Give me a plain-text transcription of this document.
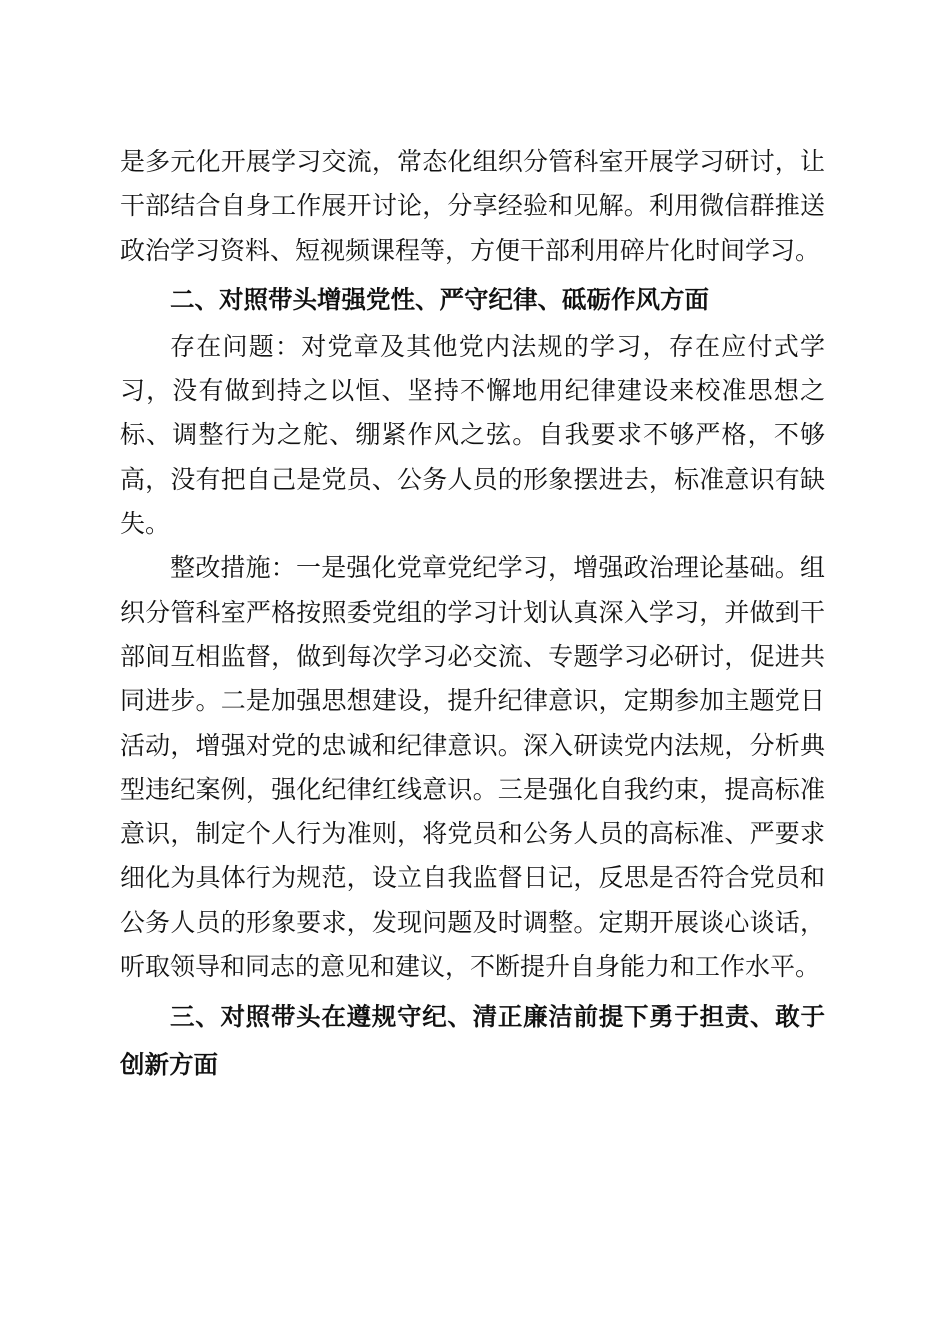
是多元化开展学习交流，常态化组织分管科室开展学习研讨，让干部结合自身工作展开讨论，分享经验和见解。利用微信群推送政治学习资料、短视频课程等，方便干部利用碎片化时间学习。

二、对照带头增强党性、严守纪律、砥砺作风方面

存在问题：对党章及其他党内法规的学习，存在应付式学习，没有做到持之以恒、坚持不懈地用纪律建设来校准思想之标、调整行为之舵、绷紧作风之弦。自我要求不够严格，不够高，没有把自己是党员、公务人员的形象摆进去，标准意识有缺失。

整改措施：一是强化党章党纪学习，增强政治理论基础。组织分管科室严格按照委党组的学习计划认真深入学习，并做到干部间互相监督，做到每次学习必交流、专题学习必研讨，促进共同进步。二是加强思想建设，提升纪律意识，定期参加主题党日活动，增强对党的忠诚和纪律意识。深入研读党内法规，分析典型违纪案例，强化纪律红线意识。三是强化自我约束，提高标准意识，制定个人行为准则，将党员和公务人员的高标准、严要求细化为具体行为规范，设立自我监督日记，反思是否符合党员和公务人员的形象要求，发现问题及时调整。定期开展谈心谈话，听取领导和同志的意见和建议，不断提升自身能力和工作水平。

三、对照带头在遵规守纪、清正廉洁前提下勇于担责、敢于创新方面
